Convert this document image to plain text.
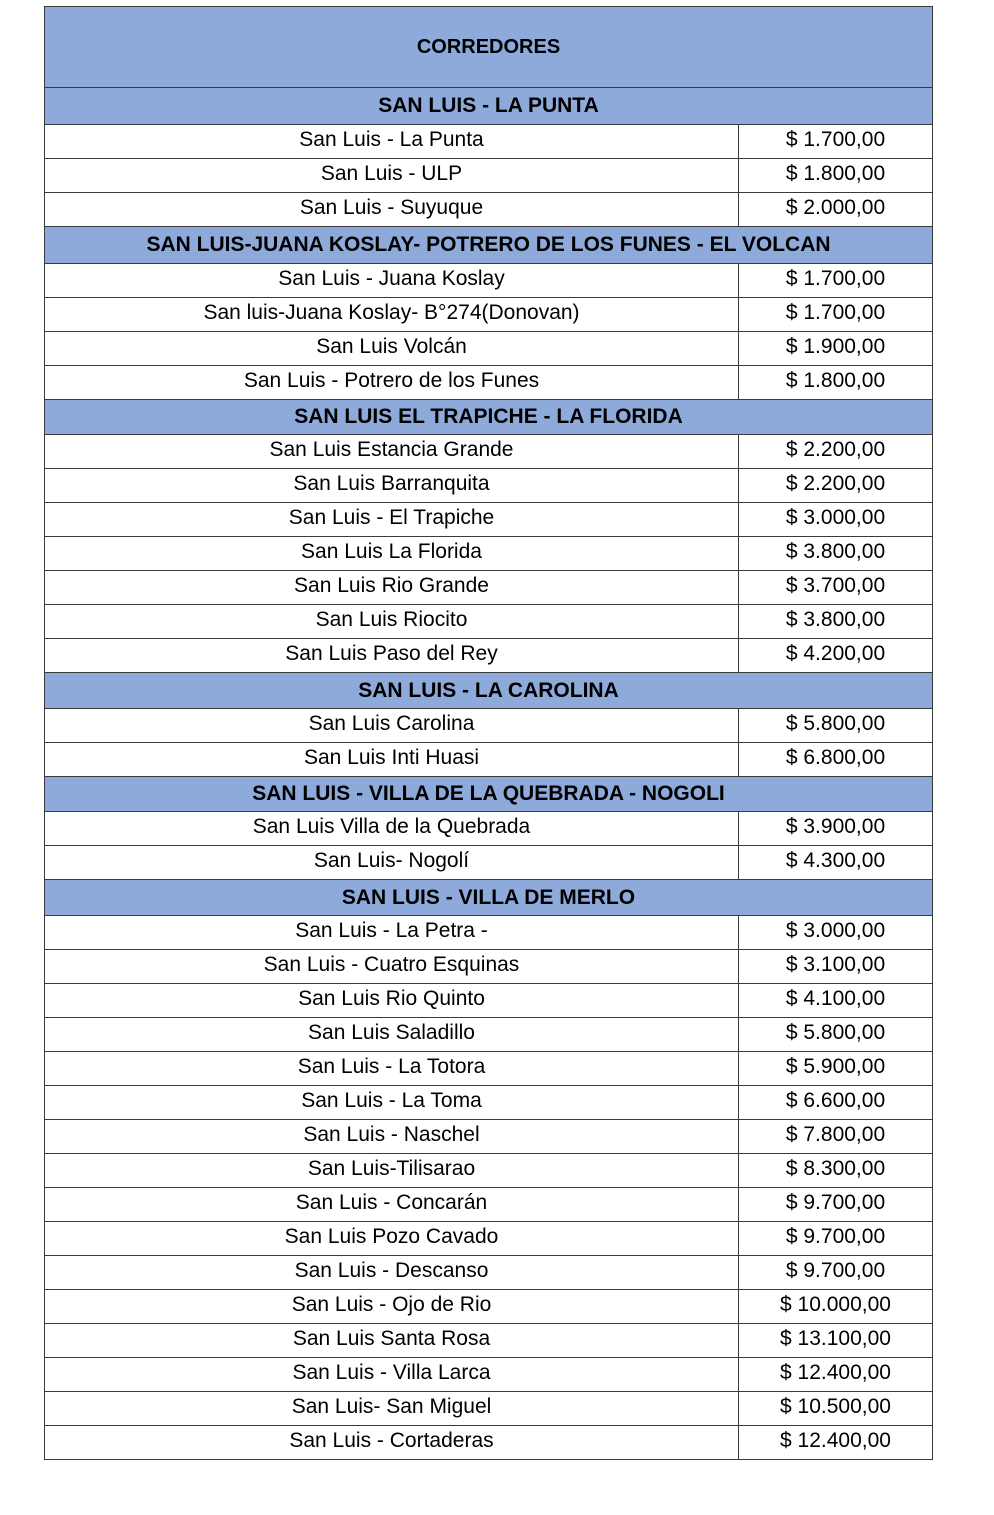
CORREDORES
SAN LUIS - LA PUNTA
San Luis - La Punta	$ 1.700,00
San Luis - ULP	$ 1.800,00
San Luis - Suyuque	$ 2.000,00
SAN LUIS-JUANA KOSLAY- POTRERO DE LOS FUNES - EL VOLCAN
San Luis - Juana Koslay	$ 1.700,00
San luis-Juana Koslay- B°274(Donovan)	$ 1.700,00
San Luis Volcán	$ 1.900,00
San Luis - Potrero de los Funes	$ 1.800,00
SAN LUIS EL TRAPICHE - LA FLORIDA
San Luis Estancia Grande	$ 2.200,00
San Luis Barranquita	$ 2.200,00
San Luis - El Trapiche	$ 3.000,00
San Luis La Florida	$ 3.800,00
San Luis Rio Grande	$ 3.700,00
San Luis Riocito	$ 3.800,00
San Luis Paso del Rey	$ 4.200,00
SAN LUIS - LA CAROLINA
San Luis Carolina	$ 5.800,00
San Luis Inti Huasi	$ 6.800,00
SAN LUIS - VILLA DE LA QUEBRADA - NOGOLI
San Luis Villa de la Quebrada	$ 3.900,00
San Luis- Nogolí	$ 4.300,00
SAN LUIS - VILLA DE MERLO
San Luis - La Petra -	$ 3.000,00
San Luis - Cuatro Esquinas	$ 3.100,00
San Luis Rio Quinto	$ 4.100,00
San Luis Saladillo	$ 5.800,00
San Luis - La Totora	$ 5.900,00
San Luis - La Toma	$ 6.600,00
San Luis - Naschel	$ 7.800,00
San Luis-Tilisarao	$ 8.300,00
San Luis - Concarán	$ 9.700,00
San Luis Pozo Cavado	$ 9.700,00
San Luis - Descanso	$ 9.700,00
San Luis - Ojo de Rio	$ 10.000,00
San Luis Santa Rosa	$ 13.100,00
San Luis - Villa Larca	$ 12.400,00
San Luis- San Miguel	$ 10.500,00
San Luis - Cortaderas	$ 12.400,00
